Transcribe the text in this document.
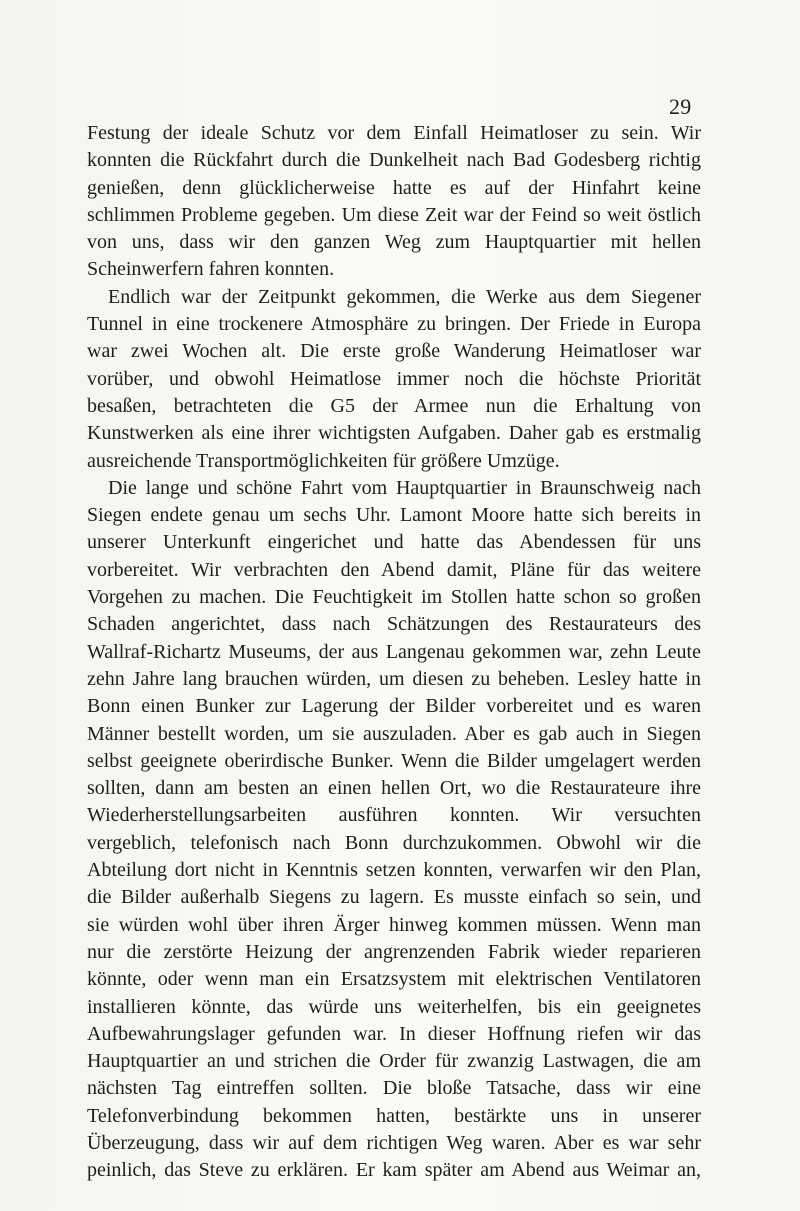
29
Festung der ideale Schutz vor dem Einfall Heimatloser zu sein. Wir
konnten die Rückfahrt durch die Dunkelheit nach Bad Godesberg richtig
genießen, denn glücklicherweise hatte es auf der Hinfahrt keine
schlimmen Probleme gegeben. Um diese Zeit war der Feind so weit östlich
von uns, dass wir den ganzen Weg zum Hauptquartier mit hellen
Scheinwerfern fahren konnten.
Endlich war der Zeitpunkt gekommen, die Werke aus dem Siegener
Tunnel in eine trockenere Atmosphäre zu bringen. Der Friede in Europa
war zwei Wochen alt. Die erste große Wanderung Heimatloser war
vorüber, und obwohl Heimatlose immer noch die höchste Priorität
besaßen, betrachteten die G5 der Armee nun die Erhaltung von
Kunstwerken als eine ihrer wichtigsten Aufgaben. Daher gab es erstmalig
ausreichende Transportmöglichkeiten für größere Umzüge.
Die lange und schöne Fahrt vom Hauptquartier in Braunschweig nach
Siegen endete genau um sechs Uhr. Lamont Moore hatte sich bereits in
unserer Unterkunft eingerichet und hatte das Abendessen für uns
vorbereitet. Wir verbrachten den Abend damit, Pläne für das weitere
Vorgehen zu machen. Die Feuchtigkeit im Stollen hatte schon so großen
Schaden angerichtet, dass nach Schätzungen des Restaurateurs des
Wallraf-Richartz Museums, der aus Langenau gekommen war, zehn Leute
zehn Jahre lang brauchen würden, um diesen zu beheben. Lesley hatte in
Bonn einen Bunker zur Lagerung der Bilder vorbereitet und es waren
Männer bestellt worden, um sie auszuladen. Aber es gab auch in Siegen
selbst geeignete oberirdische Bunker. Wenn die Bilder umgelagert werden
sollten, dann am besten an einen hellen Ort, wo die Restaurateure ihre
Wiederherstellungsarbeiten ausführen konnten. Wir versuchten
vergeblich, telefonisch nach Bonn durchzukommen. Obwohl wir die
Abteilung dort nicht in Kenntnis setzen konnten, verwarfen wir den Plan,
die Bilder außerhalb Siegens zu lagern. Es musste einfach so sein, und
sie würden wohl über ihren Ärger hinweg kommen müssen. Wenn man
nur die zerstörte Heizung der angrenzenden Fabrik wieder reparieren
könnte, oder wenn man ein Ersatzsystem mit elektrischen Ventilatoren
installieren könnte, das würde uns weiterhelfen, bis ein geeignetes
Aufbewahrungslager gefunden war. In dieser Hoffnung riefen wir das
Hauptquartier an und strichen die Order für zwanzig Lastwagen, die am
nächsten Tag eintreffen sollten. Die bloße Tatsache, dass wir eine
Telefonverbindung bekommen hatten, bestärkte uns in unserer
Überzeugung, dass wir auf dem richtigen Weg waren. Aber es war sehr
peinlich, das Steve zu erklären. Er kam später am Abend aus Weimar an,
